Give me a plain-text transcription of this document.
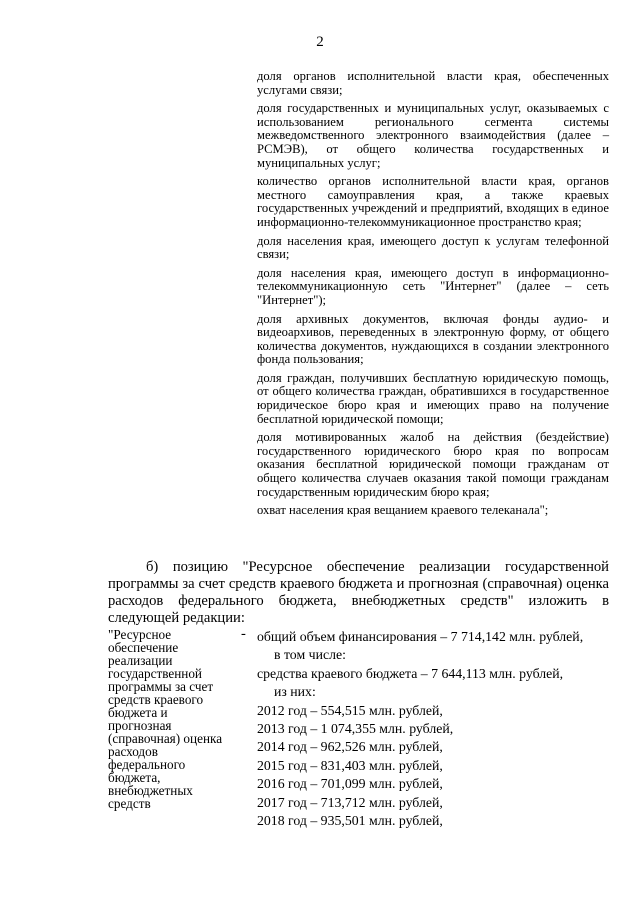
2

доля органов исполнительной власти края, обеспеченных услугами связи;

доля государственных и муниципальных услуг, оказываемых с использованием регионального сегмента системы межведомственного электронного взаимодействия (далее – РСМЭВ), от общего количества государственных и муниципальных услуг;

количество органов исполнительной власти края, органов местного самоуправления края, а также краевых государственных учреждений и предприятий, входящих в единое информационно-телекоммуникационное пространство края;

доля населения края, имеющего доступ к услугам телефонной связи;

доля населения края, имеющего доступ в информационно-телекоммуникационную сеть "Интернет" (далее – сеть "Интернет");

доля архивных документов, включая фонды аудио- и видеоархивов, переведенных в электронную форму, от общего количества документов, нуждающихся в создании электронного фонда пользования;

доля граждан, получивших бесплатную юридическую помощь, от общего количества граждан, обратившихся в государственное юридическое бюро края и имеющих право на получение бесплатной юридической помощи;

доля мотивированных жалоб на действия (бездействие) государственного юридического бюро края по вопросам оказания бесплатной юридической помощи гражданам от общего количества случаев оказания такой помощи гражданам государственным юридическим бюро края;

охват населения края вещанием краевого телеканала";

б) позицию "Ресурсное обеспечение реализации государственной программы за счет средств краевого бюджета и прогнозная (справочная) оценка расходов федерального бюджета, внебюджетных средств" изложить в следующей редакции:
"Ресурсное обеспечение реализации государственной программы за счет средств краевого бюджета и прогнозная (справочная) оценка расходов федерального бюджета, внебюджетных средств
- общий объем финансирования – 7 714,142 млн. рублей,
в том числе:
средства краевого бюджета – 7 644,113 млн. рублей,
из них:
2012 год – 554,515 млн. рублей,
2013 год – 1 074,355 млн. рублей,
2014 год – 962,526 млн. рублей,
2015 год – 831,403 млн. рублей,
2016 год – 701,099 млн. рублей,
2017 год – 713,712 млн. рублей,
2018 год – 935,501 млн. рублей,
